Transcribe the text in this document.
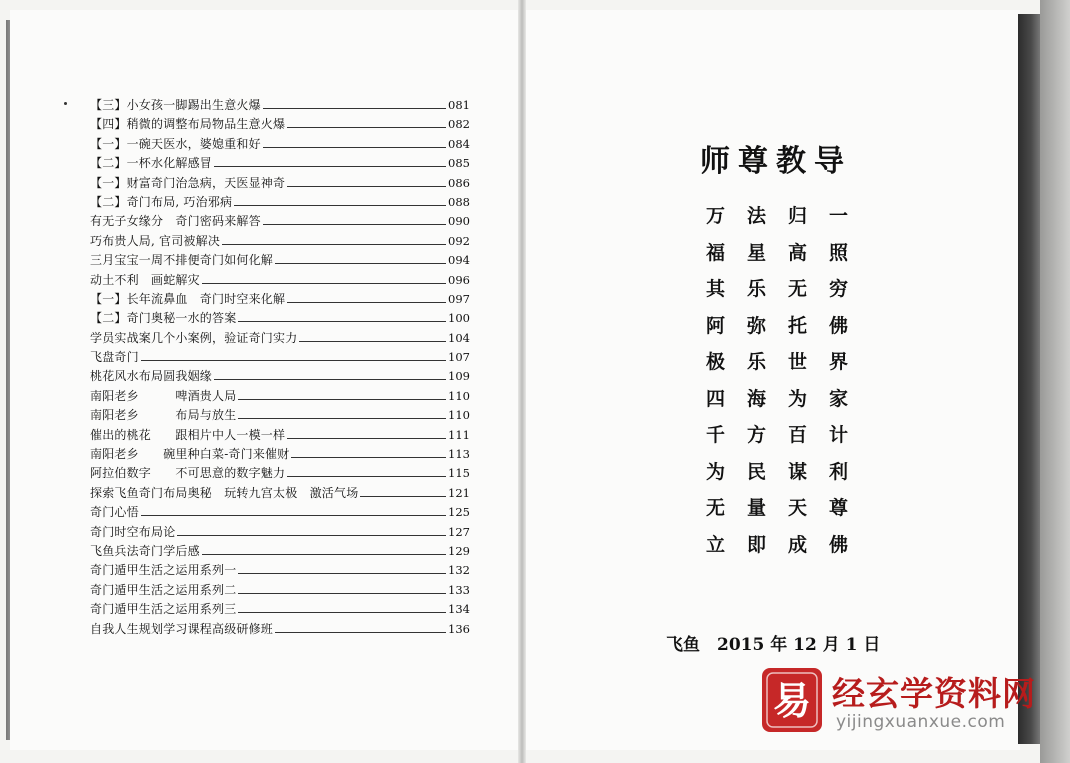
【三】小女孩一脚踢出生意火爆	081
【四】稍微的调整布局物品生意火爆	082
【一】一碗天医水，婆媳重和好	084
【二】一杯水化解感冒	085
【一】财富奇门治急病，天医显神奇	086
【二】奇门布局, 巧治邪病	088
有无子女缘分　奇门密码来解答	090
巧布贵人局, 官司被解决	092
三月宝宝一周不排便奇门如何化解	094
动土不利　画蛇解灾	096
【一】长年流鼻血　奇门时空来化解	097
【二】奇门奥秘一水的答案	100
学员实战案几个小案例，验证奇门实力	104
飞盘奇门	107
桃花风水布局圆我姻缘	109
南阳老乡　　　啤酒贵人局	110
南阳老乡　　　布局与放生	110
催出的桃花　　跟相片中人一模一样	111
南阳老乡　　碗里种白菜-奇门来催财	113
阿拉伯数字　　不可思意的数字魅力	115
探索飞鱼奇门布局奥秘　玩转九宫太极　激活气场	121
奇门心悟	125
奇门时空布局论	127
飞鱼兵法奇门学后感	129
奇门遁甲生活之运用系列一	132
奇门遁甲生活之运用系列二	133
奇门遁甲生活之运用系列三	134
自我人生规划学习课程高级研修班	136
师尊教导
万法归一
福星高照
其乐无穷
阿弥托佛
极乐世界
四海为家
千方百计
为民谋利
无量天尊
立即成佛
飞鱼　2015 年 12 月 1 日
易 经玄学资料网
yijingxuanxue.com
